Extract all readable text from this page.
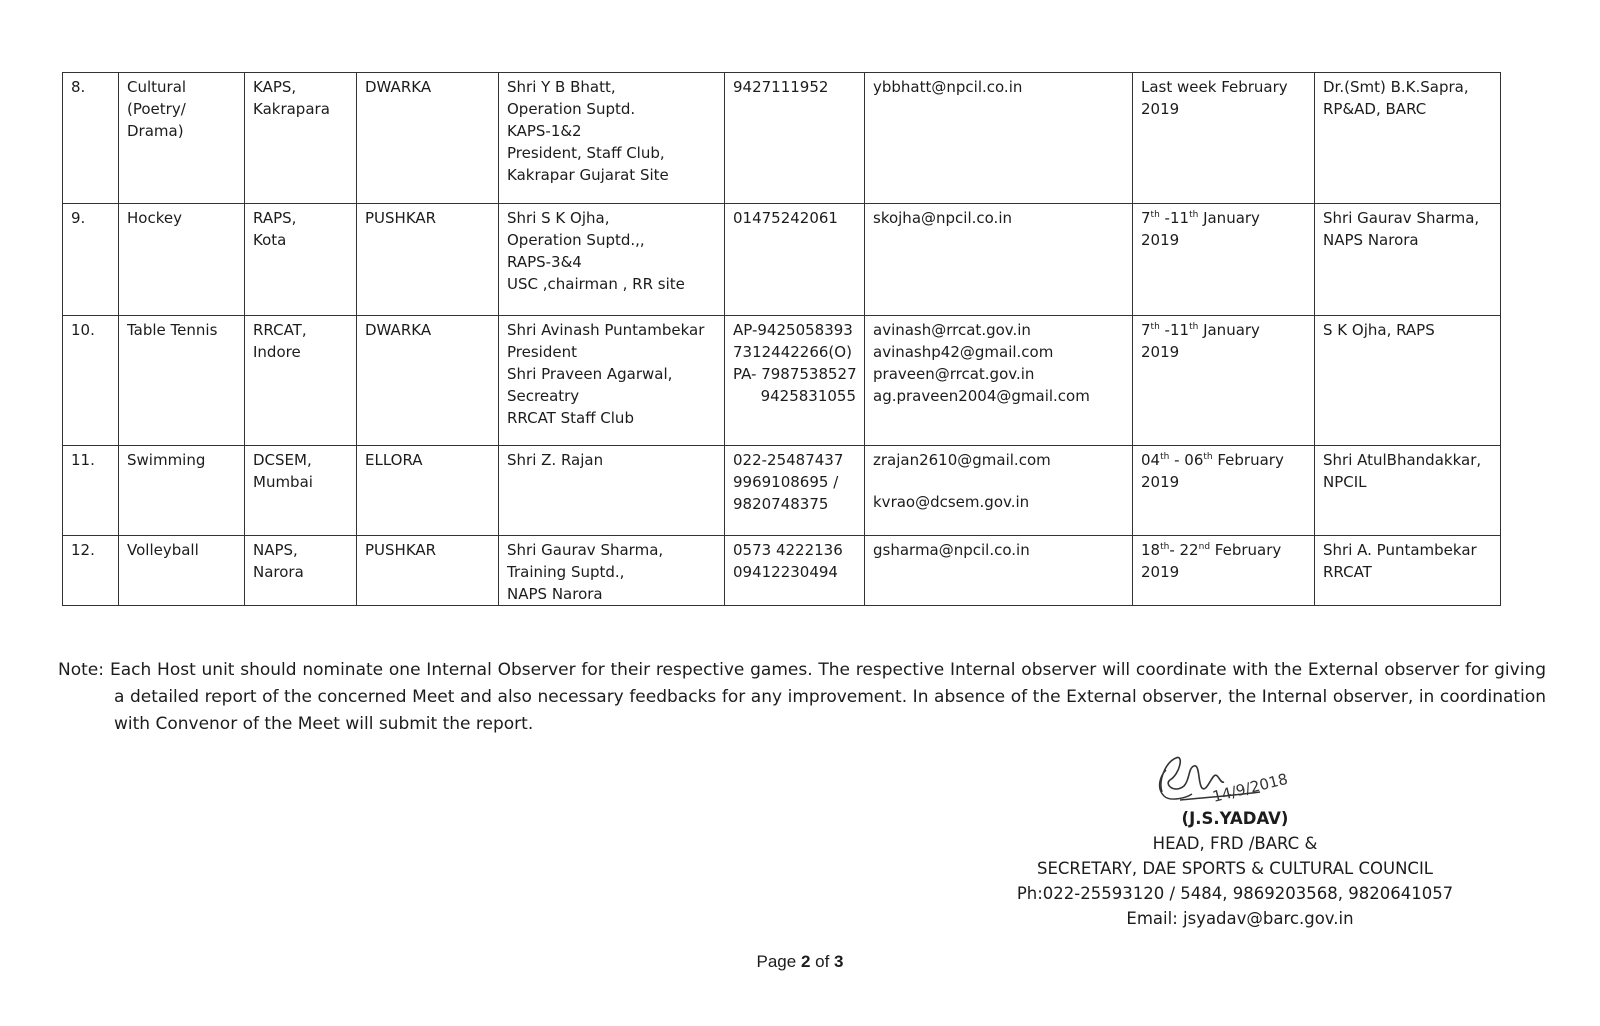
8.	Cultural
(Poetry/
Drama)	KAPS,
Kakrapara	DWARKA	Shri Y B Bhatt,
Operation Suptd.
KAPS-1&2
President, Staff Club,
Kakrapar Gujarat Site	9427111952	ybbhatt@npcil.co.in	Last week February
2019	Dr.(Smt) B.K.Sapra,
RP&AD, BARC

9.	Hockey	RAPS,
Kota	PUSHKAR	Shri S K Ojha,
Operation Suptd.,,
RAPS-3&4
USC ,chairman , RR site	01475242061	skojha@npcil.co.in	7th -11th January
2019	Shri Gaurav Sharma,
NAPS Narora

10.	Table Tennis	RRCAT,
Indore	DWARKA	Shri Avinash Puntambekar
President
Shri Praveen Agarwal,
Secreatry
RRCAT Staff Club	AP-9425058393
7312442266(O)
PA- 7987538527
9425831055	avinash@rrcat.gov.in
avinashp42@gmail.com
praveen@rrcat.gov.in
ag.praveen2004@gmail.com	7th -11th January
2019	S K Ojha, RAPS

11.	Swimming	DCSEM,
Mumbai	ELLORA	Shri Z. Rajan	022-25487437
9969108695 /
9820748375	zrajan2610@gmail.com
kvrao@dcsem.gov.in	04th - 06th February
2019	Shri AtulBhandakkar,
NPCIL

12.	Volleyball	NAPS,
Narora	PUSHKAR	Shri Gaurav Sharma,
Training Suptd.,
NAPS Narora	0573 4222136
09412230494	gsharma@npcil.co.in	18th- 22nd February
2019	Shri A. Puntambekar
RRCAT
Note: Each Host unit should nominate one Internal Observer for their respective games. The respective Internal observer will coordinate with the External observer for giving a detailed report of the concerned Meet and also necessary feedbacks for any improvement. In absence of the External observer, the Internal observer, in coordination with Convenor of the Meet will submit the report.
14/9/2018
(J.S.YADAV)
HEAD, FRD /BARC &
SECRETARY, DAE SPORTS & CULTURAL COUNCIL
Ph:022-25593120 / 5484, 9869203568, 9820641057
Email: jsyadav@barc.gov.in
Page 2 of 3
